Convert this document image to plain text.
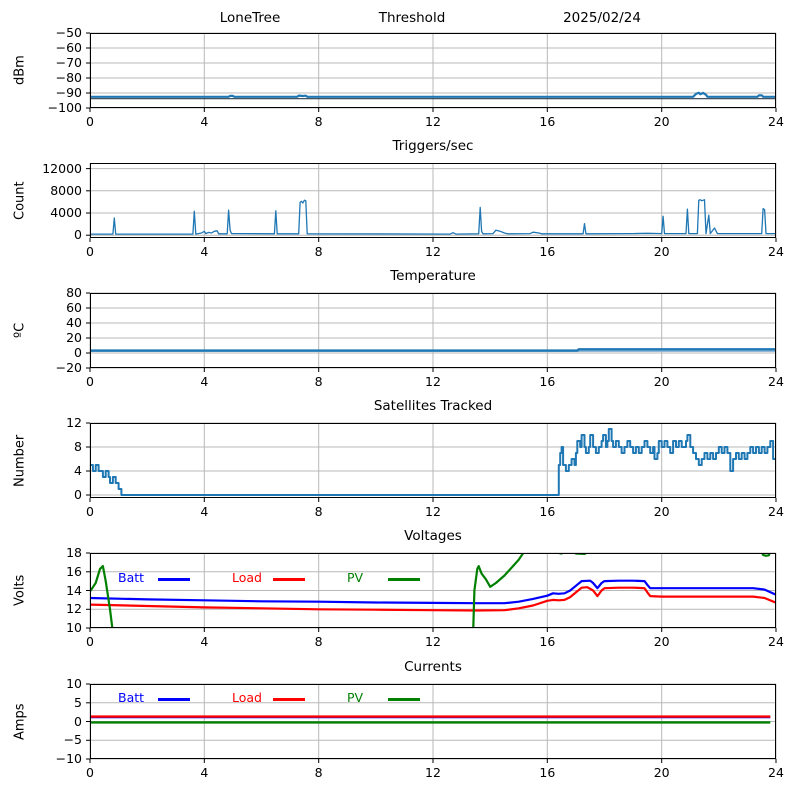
LoneTree	Threshold	2025/02/24
dBm
−100
−90
−80
−70
−60
−50
0	4	8	12	16	20	24
Triggers/sec
Count
0
4000
8000
12000
0	4	8	12	16	20	24
Temperature
ºC
−20
0
20
40
60
80
0	4	8	12	16	20	24
Satellites Tracked
Number
0
4
8
12
0	4	8	12	16	20	24
Voltages
Volts
10
12
14
16
18
Batt	Load	PV
0	4	8	12	16	20	24
Currents
Amps
−10
−5
0
5
10
Batt	Load	PV
0	4	8	12	16	20	24
